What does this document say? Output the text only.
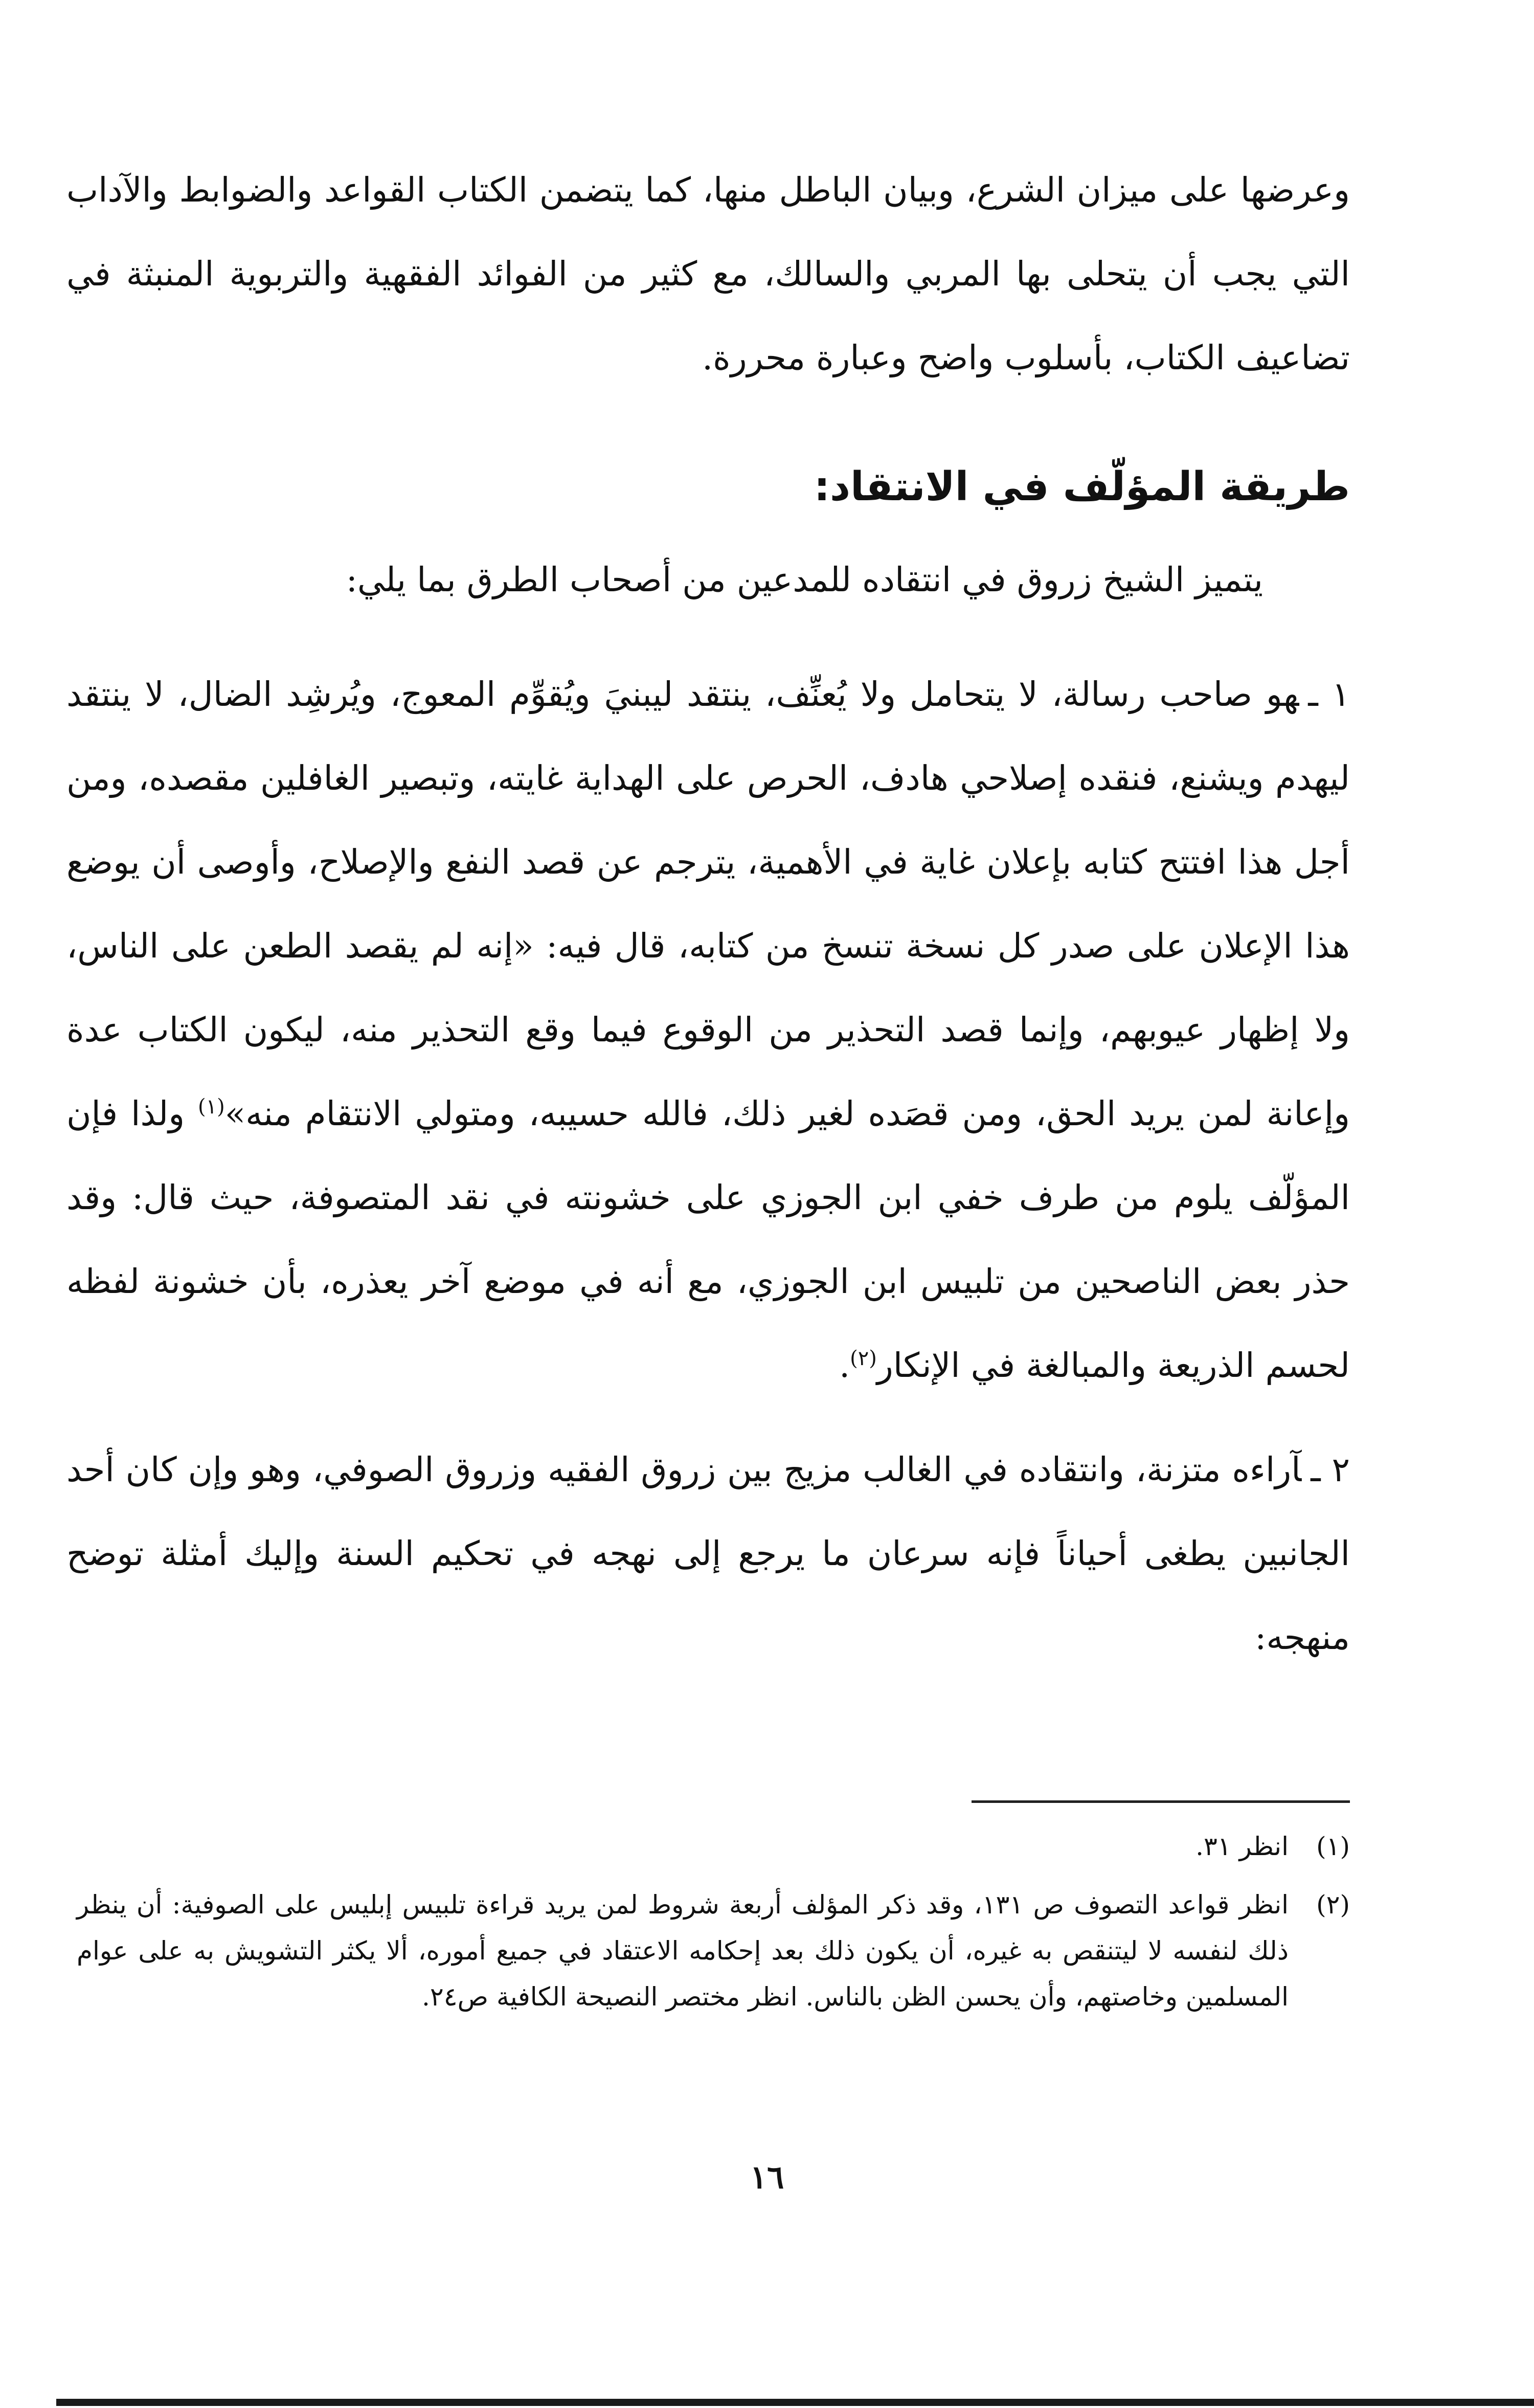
وعرضها على ميزان الشرع، وبيان الباطل منها، كما يتضمن الكتاب القواعد والضوابط والآداب التي يجب أن يتحلى بها المربي والسالك، مع كثير من الفوائد الفقهية والتربوية المنبثة في تضاعيف الكتاب، بأسلوب واضح وعبارة محررة.

طريقة المؤلّف في الانتقاد:

يتميز الشيخ زروق في انتقاده للمدعين من أصحاب الطرق بما يلي:

١ ـهو صاحب رسالة، لا يتحامل ولا يُعنِّف، ينتقد ليبنيَ ويُقوِّم المعوج، ويُرشِد الضال، لا ينتقد ليهدم ويشنع، فنقده إصلاحي هادف، الحرص على الهداية غايته، وتبصير الغافلين مقصده، ومن أجل هذا افتتح كتابه بإعلان غاية في الأهمية، يترجم عن قصد النفع والإصلاح، وأوصى أن يوضع هذا الإعلان على صدر كل نسخة تنسخ من كتابه، قال فيه: «إنه لم يقصد الطعن على الناس، ولا إظهار عيوبهم، وإنما قصد التحذير من الوقوع فيما وقع التحذير منه، ليكون الكتاب عدة وإعانة لمن يريد الحق، ومن قصَده لغير ذلك، فالله حسيبه، ومتولي الانتقام منه»$^{(١)}$ ولذا فإن المؤلّف يلوم من طرف خفي ابن الجوزي على خشونته في نقد المتصوفة، حيث قال: وقد حذر بعض الناصحين من تلبيس ابن الجوزي، مع أنه في موضع آخر يعذره، بأن خشونة لفظه لحسم الذريعة والمبالغة في الإنكار$^{(٢)}$.

٢ ـآراءه متزنة، وانتقاده في الغالب مزيج بين زروق الفقيه وزروق الصوفي، وهو وإن كان أحد الجانبين يطغى أحياناً فإنه سرعان ما يرجع إلى نهجه في تحكيم السنة وإليك أمثلة توضح منهجه:

(١)
انظر ٣١.
(٢)
انظر قواعد التصوف ص ١٣١، وقد ذكر المؤلف أربعة شروط لمن يريد قراءة تلبيس إبليس على الصوفية: أن ينظر ذلك لنفسه لا ليتنقص به غيره، أن يكون ذلك بعد إحكامه الاعتقاد في جميع أموره، ألا يكثر التشويش به على عوام المسلمين وخاصتهم، وأن يحسن الظن بالناس. انظر مختصر النصيحة الكافية ص٢٤.
١٦
